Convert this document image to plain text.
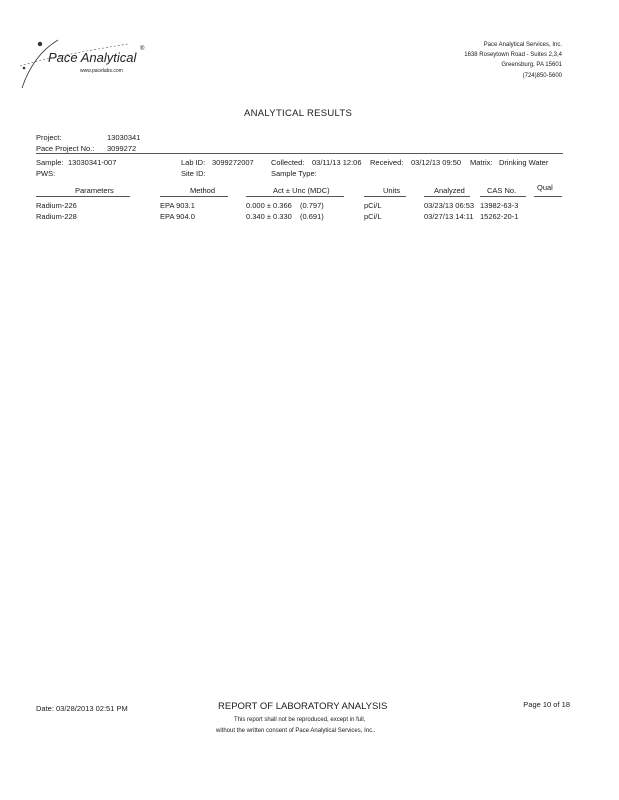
Pace Analytical
®
www.pacelabs.com
Pace Analytical Services, Inc.
1638 Roseytown Road - Suites 2,3,4
Greensburg, PA 15601
(724)850-5600
ANALYTICAL RESULTS
Project:	13030341
Pace Project No.: 3099272
Sample: 13030341-007	Lab ID: 3099272007 Collected: 03/11/13 12:06 Received: 03/12/13 09:50 Matrix: Drinking Water
PWS:	Site ID:	Sample Type:
Parameters	Method	Act ± Unc (MDC)	Units	Analyzed	CAS No.	Qual
Radium-226	EPA 903.1	0.000 ± 0.366 (0.797)	pCi/L	03/23/13 06:53 13982-63-3
Radium-228	EPA 904.0	0.340 ± 0.330 (0.691)	pCi/L	03/27/13 14:11 15262-20-1
Date: 03/28/2013 02:51 PM	REPORT OF LABORATORY ANALYSIS	Page 10 of 18
This report shall not be reproduced, except in full,
without the written consent of Pace Analytical Services, Inc..
